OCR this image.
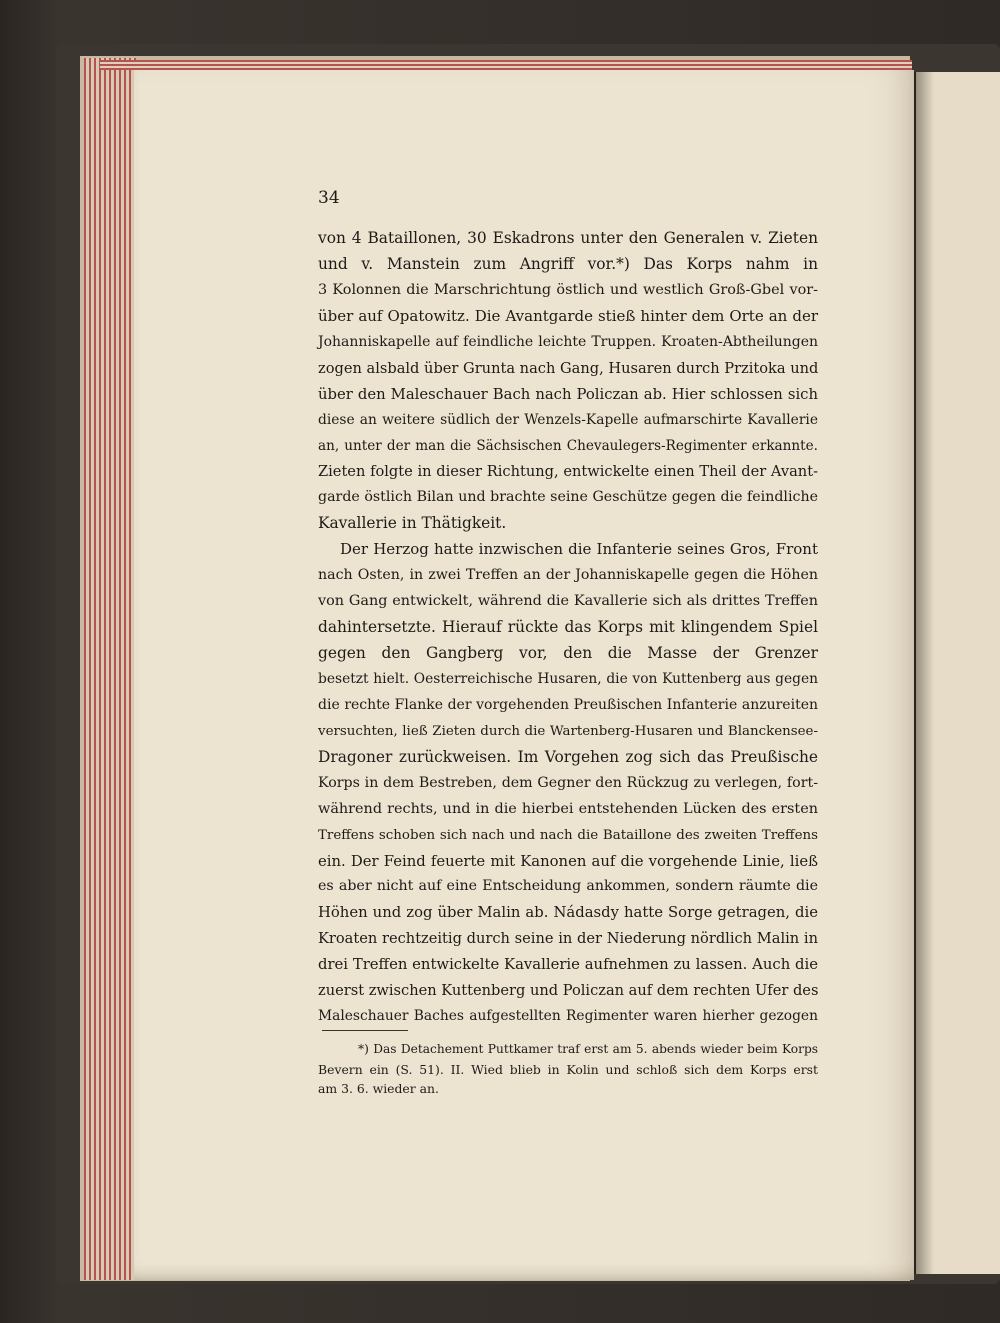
34
von 4 Bataillonen, 30 Eskadrons unter den Generalen v. Zieten
und v. Manstein zum Angriff vor.*) Das Korps nahm in
3 Kolonnen die Marschrichtung östlich und westlich Groß-Gbel vor-
über auf Opatowitz. Die Avantgarde stieß hinter dem Orte an der
Johanniskapelle auf feindliche leichte Truppen. Kroaten-Abtheilungen
zogen alsbald über Grunta nach Gang, Husaren durch Przitoka und
über den Maleschauer Bach nach Policzan ab. Hier schlossen sich
diese an weitere südlich der Wenzels-Kapelle aufmarschirte Kavallerie
an, unter der man die Sächsischen Chevaulegers-Regimenter erkannte.
Zieten folgte in dieser Richtung, entwickelte einen Theil der Avant-
garde östlich Bilan und brachte seine Geschütze gegen die feindliche
Kavallerie in Thätigkeit.
Der Herzog hatte inzwischen die Infanterie seines Gros, Front
nach Osten, in zwei Treffen an der Johanniskapelle gegen die Höhen
von Gang entwickelt, während die Kavallerie sich als drittes Treffen
dahintersetzte. Hierauf rückte das Korps mit klingendem Spiel
gegen den Gangberg vor, den die Masse der Grenzer
besetzt hielt. Oesterreichische Husaren, die von Kuttenberg aus gegen
die rechte Flanke der vorgehenden Preußischen Infanterie anzureiten
versuchten, ließ Zieten durch die Wartenberg-Husaren und Blanckensee-
Dragoner zurückweisen. Im Vorgehen zog sich das Preußische
Korps in dem Bestreben, dem Gegner den Rückzug zu verlegen, fort-
während rechts, und in die hierbei entstehenden Lücken des ersten
Treffens schoben sich nach und nach die Bataillone des zweiten Treffens
ein. Der Feind feuerte mit Kanonen auf die vorgehende Linie, ließ
es aber nicht auf eine Entscheidung ankommen, sondern räumte die
Höhen und zog über Malin ab. Nádasdy hatte Sorge getragen, die
Kroaten rechtzeitig durch seine in der Niederung nördlich Malin in
drei Treffen entwickelte Kavallerie aufnehmen zu lassen. Auch die
zuerst zwischen Kuttenberg und Policzan auf dem rechten Ufer des
Maleschauer Baches aufgestellten Regimenter waren hierher gezogen
*) Das Detachement Puttkamer traf erst am 5. abends wieder beim Korps
Bevern ein (S. 51). II. Wied blieb in Kolin und schloß sich dem Korps erst
am 3. 6. wieder an.
